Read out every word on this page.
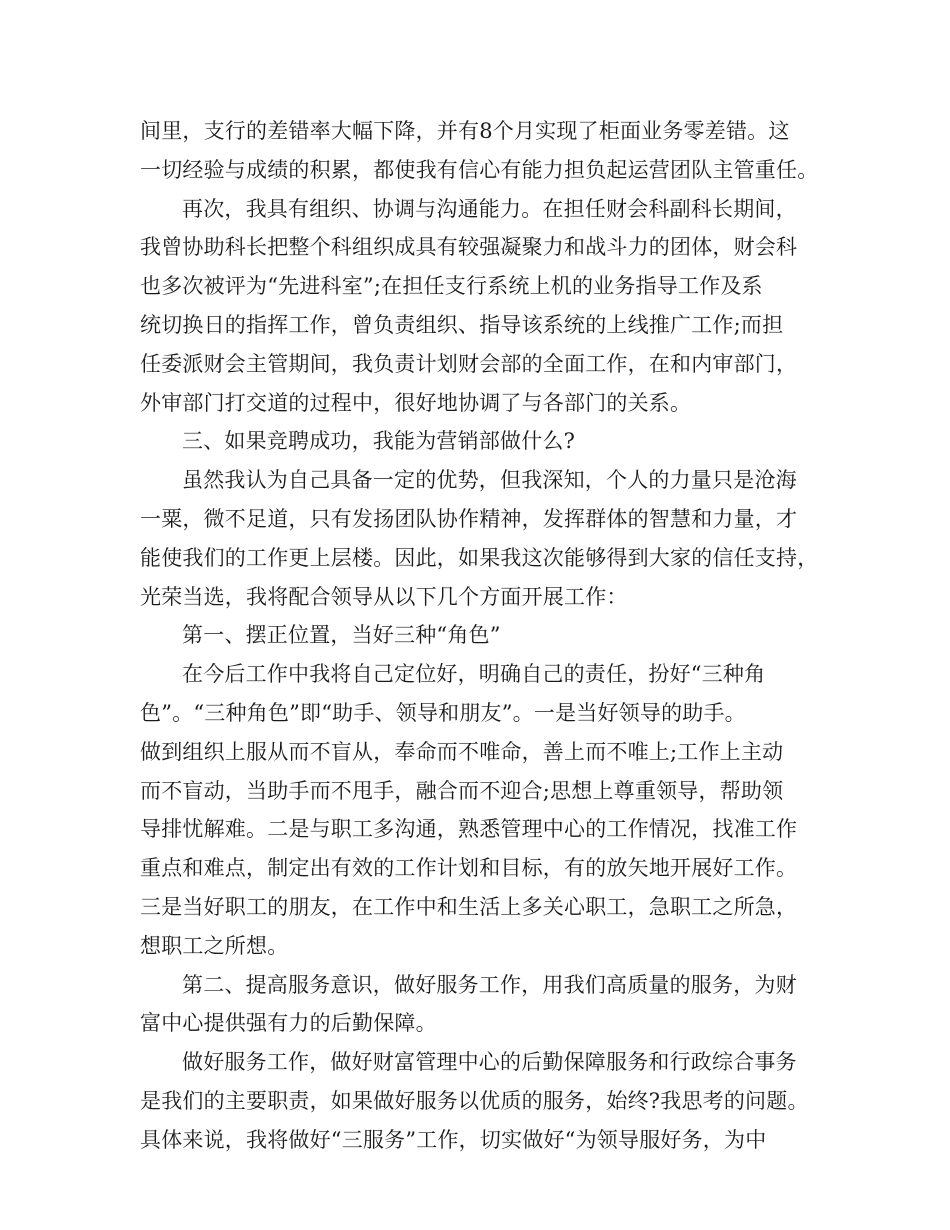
间里，支行的差错率大幅下降，并有8个月实现了柜面业务零差错。这
一切经验与成绩的积累，都使我有信心有能力担负起运营团队主管重任。
再次，我具有组织、协调与沟通能力。在担任财会科副科长期间，
我曾协助科长把整个科组织成具有较强凝聚力和战斗力的团体，财会科
也多次被评为“先进科室”;在担任支行系统上机的业务指导工作及系
统切换日的指挥工作，曾负责组织、指导该系统的上线推广工作;而担
任委派财会主管期间，我负责计划财会部的全面工作，在和内审部门，
外审部门打交道的过程中，很好地协调了与各部门的关系。
三、如果竞聘成功，我能为营销部做什么?
虽然我认为自己具备一定的优势，但我深知，个人的力量只是沧海
一粟，微不足道，只有发扬团队协作精神，发挥群体的智慧和力量，才
能使我们的工作更上层楼。因此，如果我这次能够得到大家的信任支持，
光荣当选，我将配合领导从以下几个方面开展工作：
第一、摆正位置，当好三种“角色”
在今后工作中我将自己定位好，明确自己的责任，扮好“三种角
色”。“三种角色”即“助手、领导和朋友”。一是当好领导的助手。
做到组织上服从而不盲从，奉命而不唯命，善上而不唯上;工作上主动
而不盲动，当助手而不甩手，融合而不迎合;思想上尊重领导，帮助领
导排忧解难。二是与职工多沟通，熟悉管理中心的工作情况，找准工作
重点和难点，制定出有效的工作计划和目标，有的放矢地开展好工作。
三是当好职工的朋友，在工作中和生活上多关心职工，急职工之所急，
想职工之所想。
第二、提高服务意识，做好服务工作，用我们高质量的服务，为财
富中心提供强有力的后勤保障。
做好服务工作，做好财富管理中心的后勤保障服务和行政综合事务
是我们的主要职责，如果做好服务以优质的服务，始终?我思考的问题。
具体来说，我将做好“三服务”工作，切实做好“为领导服好务，为中
